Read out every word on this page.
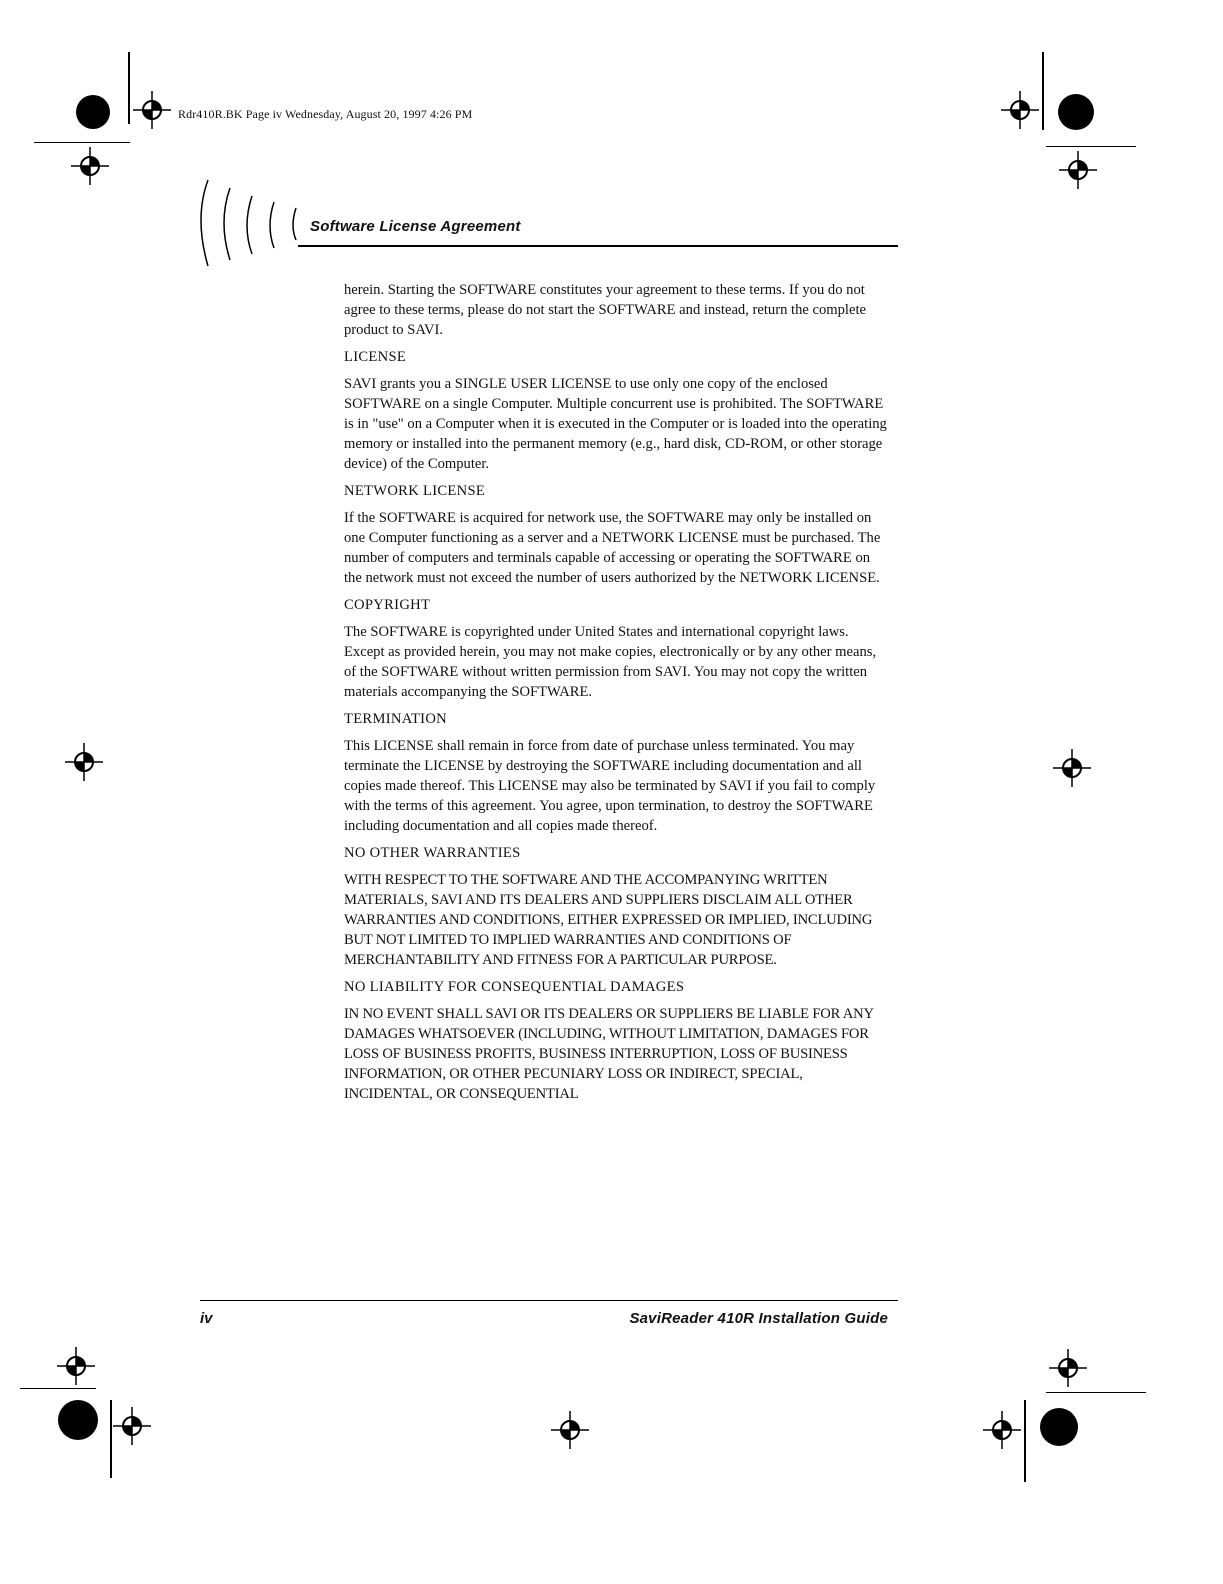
Rdr410R.BK Page iv Wednesday, August 20, 1997 4:26 PM
Software License Agreement

herein. Starting the SOFTWARE constitutes your agreement to these terms. If you do not agree to these terms, please do not start the SOFTWARE and instead, return the complete product to SAVI.

LICENSE

SAVI grants you a SINGLE USER LICENSE to use only one copy of the enclosed SOFTWARE on a single Computer. Multiple concurrent use is prohibited. The SOFTWARE is in "use" on a Computer when it is executed in the Computer or is loaded into the operating memory or installed into the permanent memory (e.g., hard disk, CD-ROM, or other storage device) of the Computer.

NETWORK LICENSE

If the SOFTWARE is acquired for network use, the SOFTWARE may only be installed on one Computer functioning as a server and a NETWORK LICENSE must be purchased. The number of computers and terminals capable of accessing or operating the SOFTWARE on the network must not exceed the number of users authorized by the NETWORK LICENSE.

COPYRIGHT

The SOFTWARE is copyrighted under United States and international copyright laws. Except as provided herein, you may not make copies, electronically or by any other means, of the SOFTWARE without written permission from SAVI. You may not copy the written materials accompanying the SOFTWARE.

TERMINATION

This LICENSE shall remain in force from date of purchase unless terminated. You may terminate the LICENSE by destroying the SOFTWARE including documentation and all copies made thereof. This LICENSE may also be terminated by SAVI if you fail to comply with the terms of this agreement. You agree, upon termination, to destroy the SOFTWARE including documentation and all copies made thereof.

NO OTHER WARRANTIES

WITH RESPECT TO THE SOFTWARE AND THE ACCOMPANYING WRITTEN MATERIALS, SAVI AND ITS DEALERS AND SUPPLIERS DISCLAIM ALL OTHER WARRANTIES AND CONDITIONS, EITHER EXPRESSED OR IMPLIED, INCLUDING BUT NOT LIMITED TO IMPLIED WARRANTIES AND CONDITIONS OF MERCHANTABILITY AND FITNESS FOR A PARTICULAR PURPOSE.

NO LIABILITY FOR CONSEQUENTIAL DAMAGES

IN NO EVENT SHALL SAVI OR ITS DEALERS OR SUPPLIERS BE LIABLE FOR ANY DAMAGES WHATSOEVER (INCLUDING, WITHOUT LIMITATION, DAMAGES FOR LOSS OF BUSINESS PROFITS, BUSINESS INTERRUPTION, LOSS OF BUSINESS INFORMATION, OR OTHER PECUNIARY LOSS OR INDIRECT, SPECIAL, INCIDENTAL, OR CONSEQUENTIAL

iv	SaviReader 410R Installation Guide
